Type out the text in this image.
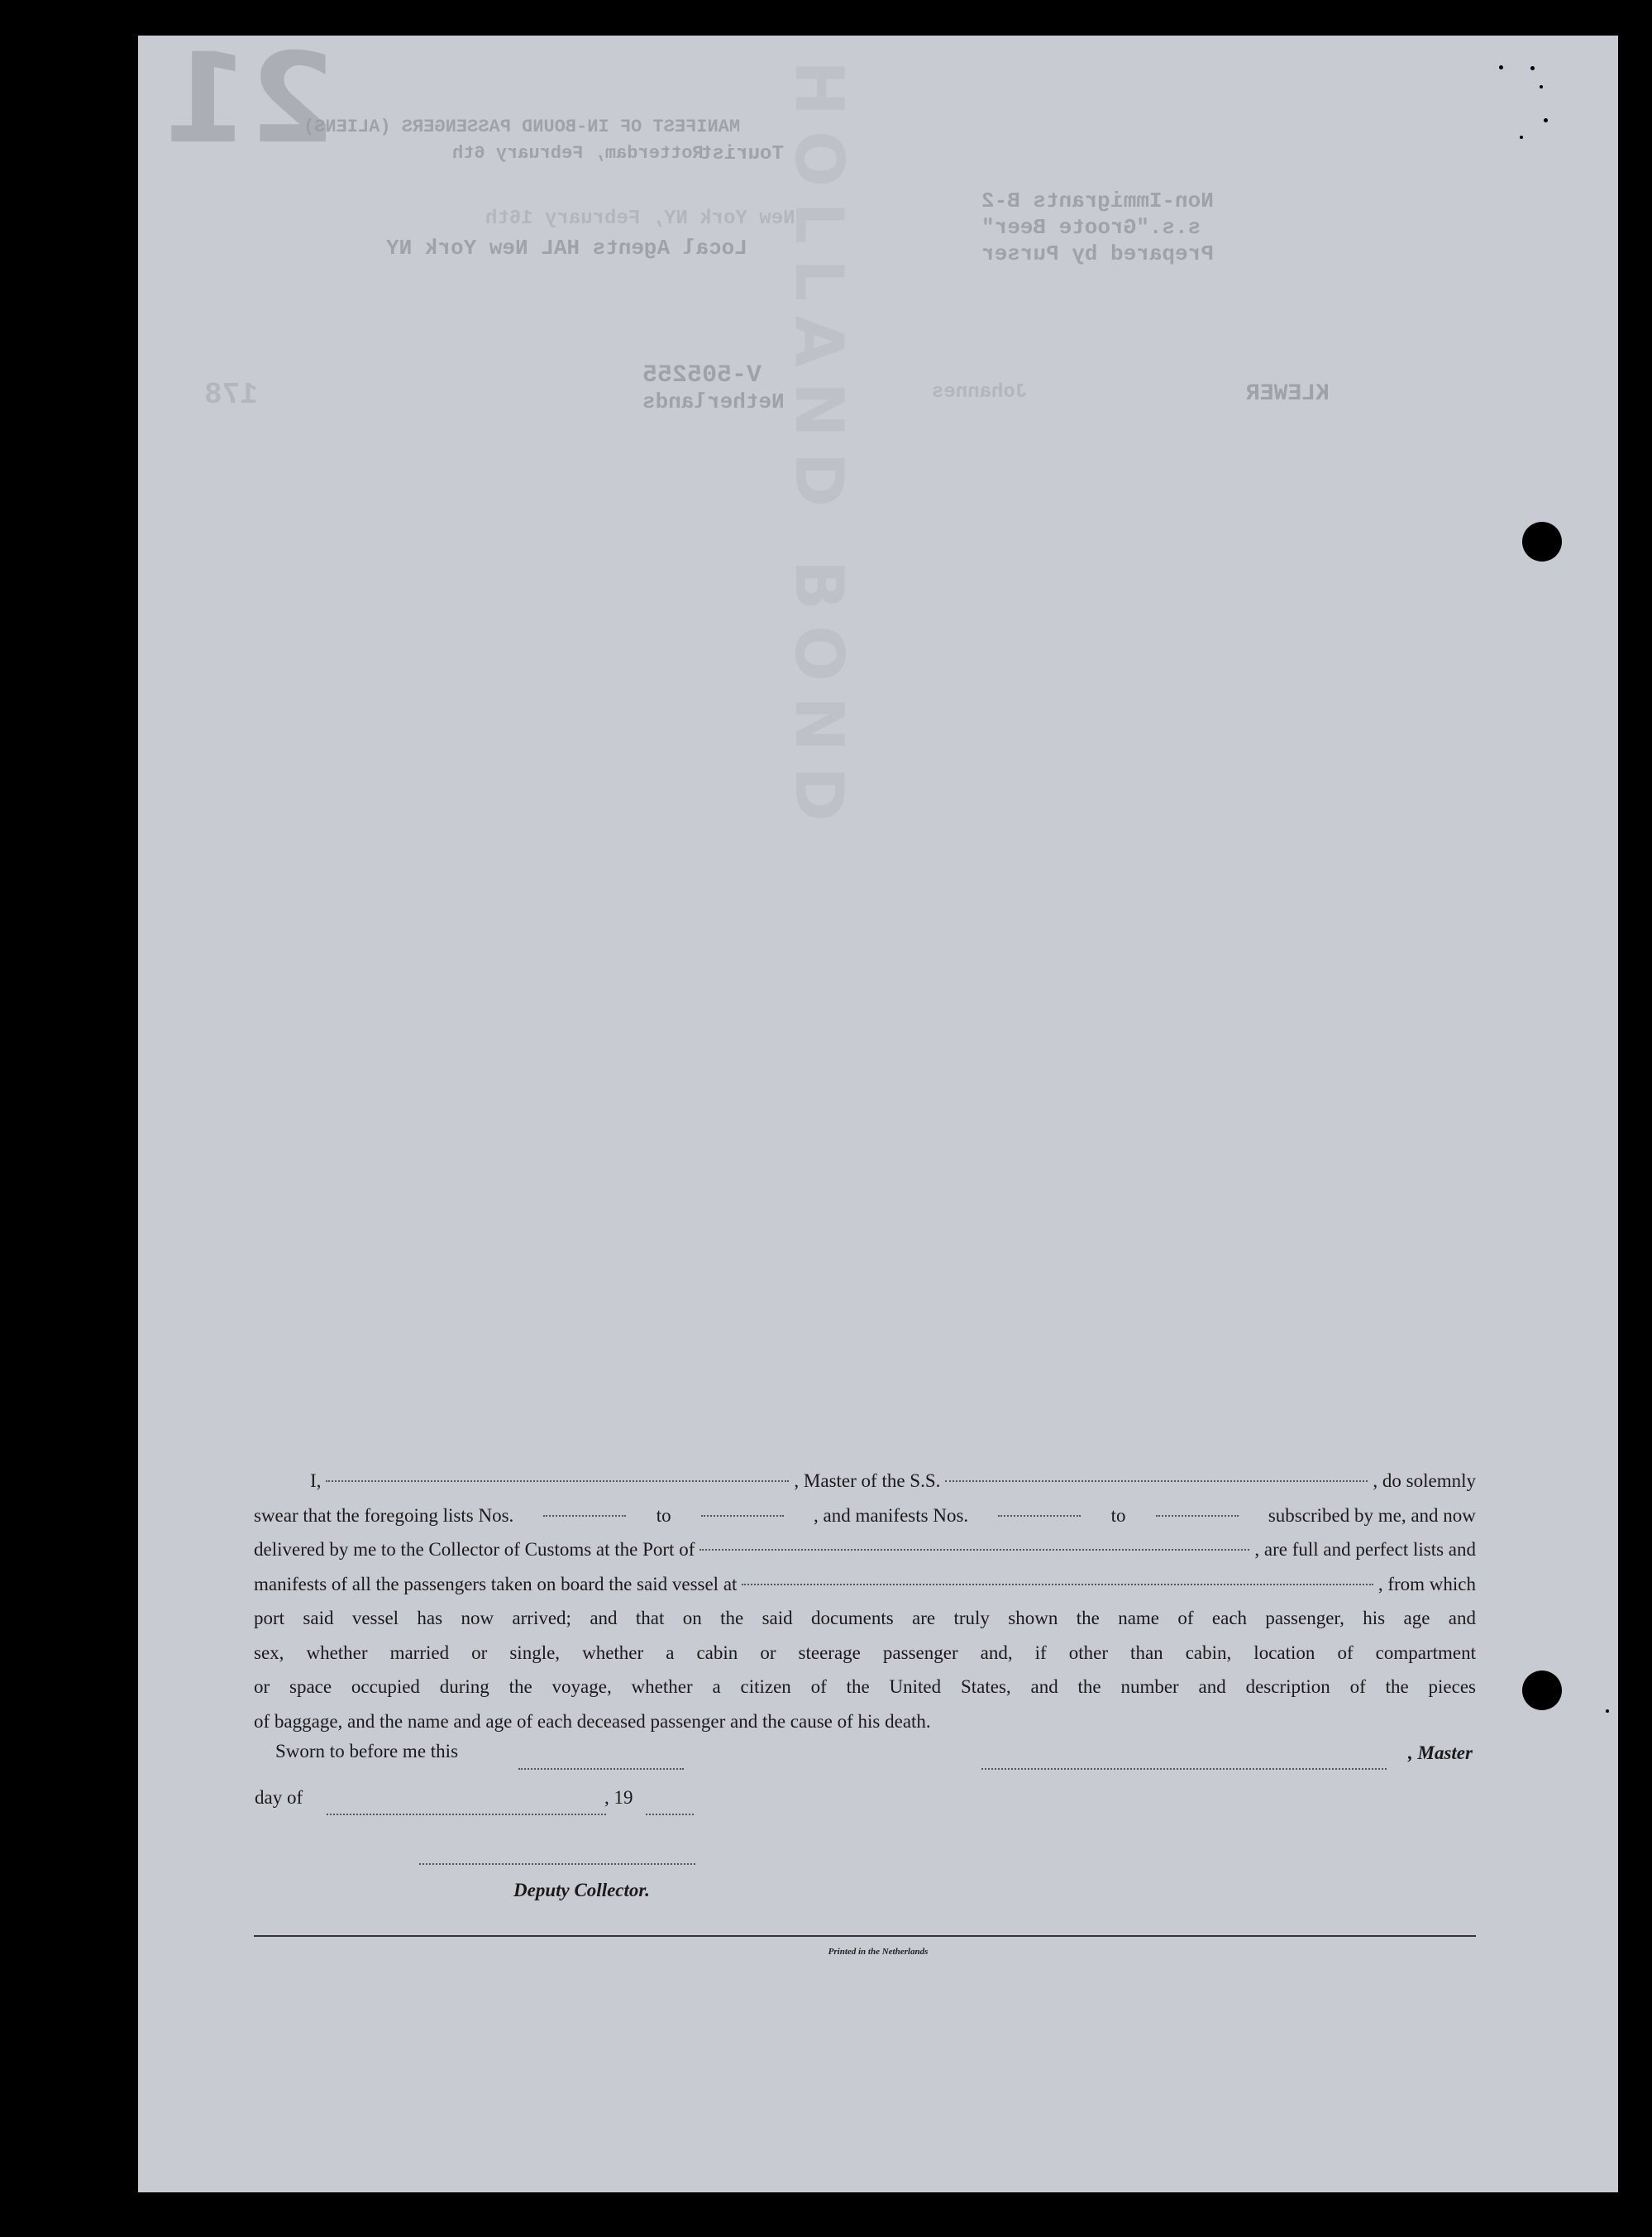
21
MANIFEST OF IN-BOUND PASSENGERS (ALIENS)
Tourist
Rotterdam, February 6th
Non-Immigrants B-2
s.s."Groote Beer"
New York NY, February 16th
Local Agents HAL New York NY	Prepared by Purser
V-505255
Netherlands	Johannes	KLEWER
178	HOLLAND BOND
I,	, Master of the S.S.	, do solemnly
swear that the foregoing lists Nos.	to	, and manifests Nos.	to	subscribed by me, and now
delivered by me to the Collector of Customs at the Port of	, are full and perfect lists and
manifests of all the passengers taken on board the said vessel at	, from which
port said vessel has now arrived; and that on the said documents are truly shown the name of each passenger, his age and
sex, whether married or single, whether a cabin or steerage passenger and, if other than cabin, location of compartment
or space occupied during the voyage, whether a citizen of the United States, and the number and description of the pieces
of baggage, and the name and age of each deceased passenger and the cause of his death.
Sworn to before me this	, Master
day of	, 19
Deputy Collector.
Printed in the Netherlands
